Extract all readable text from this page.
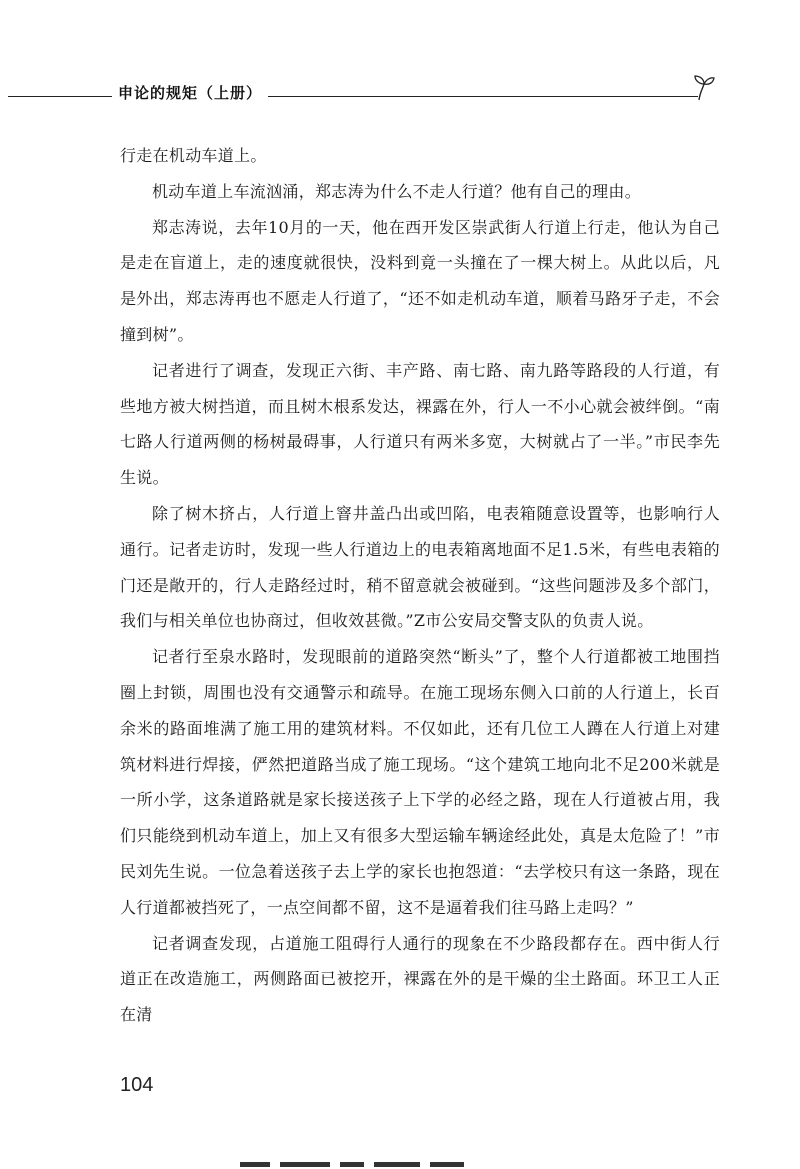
申论的规矩（上册）

行走在机动车道上。

机动车道上车流汹涌，郑志涛为什么不走人行道？他有自己的理由。

郑志涛说，去年10月的一天，他在西开发区崇武街人行道上行走，他认为自己是走在盲道上，走的速度就很快，没料到竟一头撞在了一棵大树上。从此以后，凡是外出，郑志涛再也不愿走人行道了，“还不如走机动车道，顺着马路牙子走，不会撞到树”。

记者进行了调查，发现正六街、丰产路、南七路、南九路等路段的人行道，有些地方被大树挡道，而且树木根系发达，裸露在外，行人一不小心就会被绊倒。“南七路人行道两侧的杨树最碍事，人行道只有两米多宽，大树就占了一半。”市民李先生说。

除了树木挤占，人行道上窨井盖凸出或凹陷，电表箱随意设置等，也影响行人通行。记者走访时，发现一些人行道边上的电表箱离地面不足1.5米，有些电表箱的门还是敞开的，行人走路经过时，稍不留意就会被碰到。“这些问题涉及多个部门，我们与相关单位也协商过，但收效甚微。”Z市公安局交警支队的负责人说。

记者行至泉水路时，发现眼前的道路突然“断头”了，整个人行道都被工地围挡圈上封锁，周围也没有交通警示和疏导。在施工现场东侧入口前的人行道上，长百余米的路面堆满了施工用的建筑材料。不仅如此，还有几位工人蹲在人行道上对建筑材料进行焊接，俨然把道路当成了施工现场。“这个建筑工地向北不足200米就是一所小学，这条道路就是家长接送孩子上下学的必经之路，现在人行道被占用，我们只能绕到机动车道上，加上又有很多大型运输车辆途经此处，真是太危险了！”市民刘先生说。一位急着送孩子去上学的家长也抱怨道：“去学校只有这一条路，现在人行道都被挡死了，一点空间都不留，这不是逼着我们往马路上走吗？”

记者调查发现，占道施工阻碍行人通行的现象在不少路段都存在。西中街人行道正在改造施工，两侧路面已被挖开，裸露在外的是干燥的尘土路面。环卫工人正在清

104
